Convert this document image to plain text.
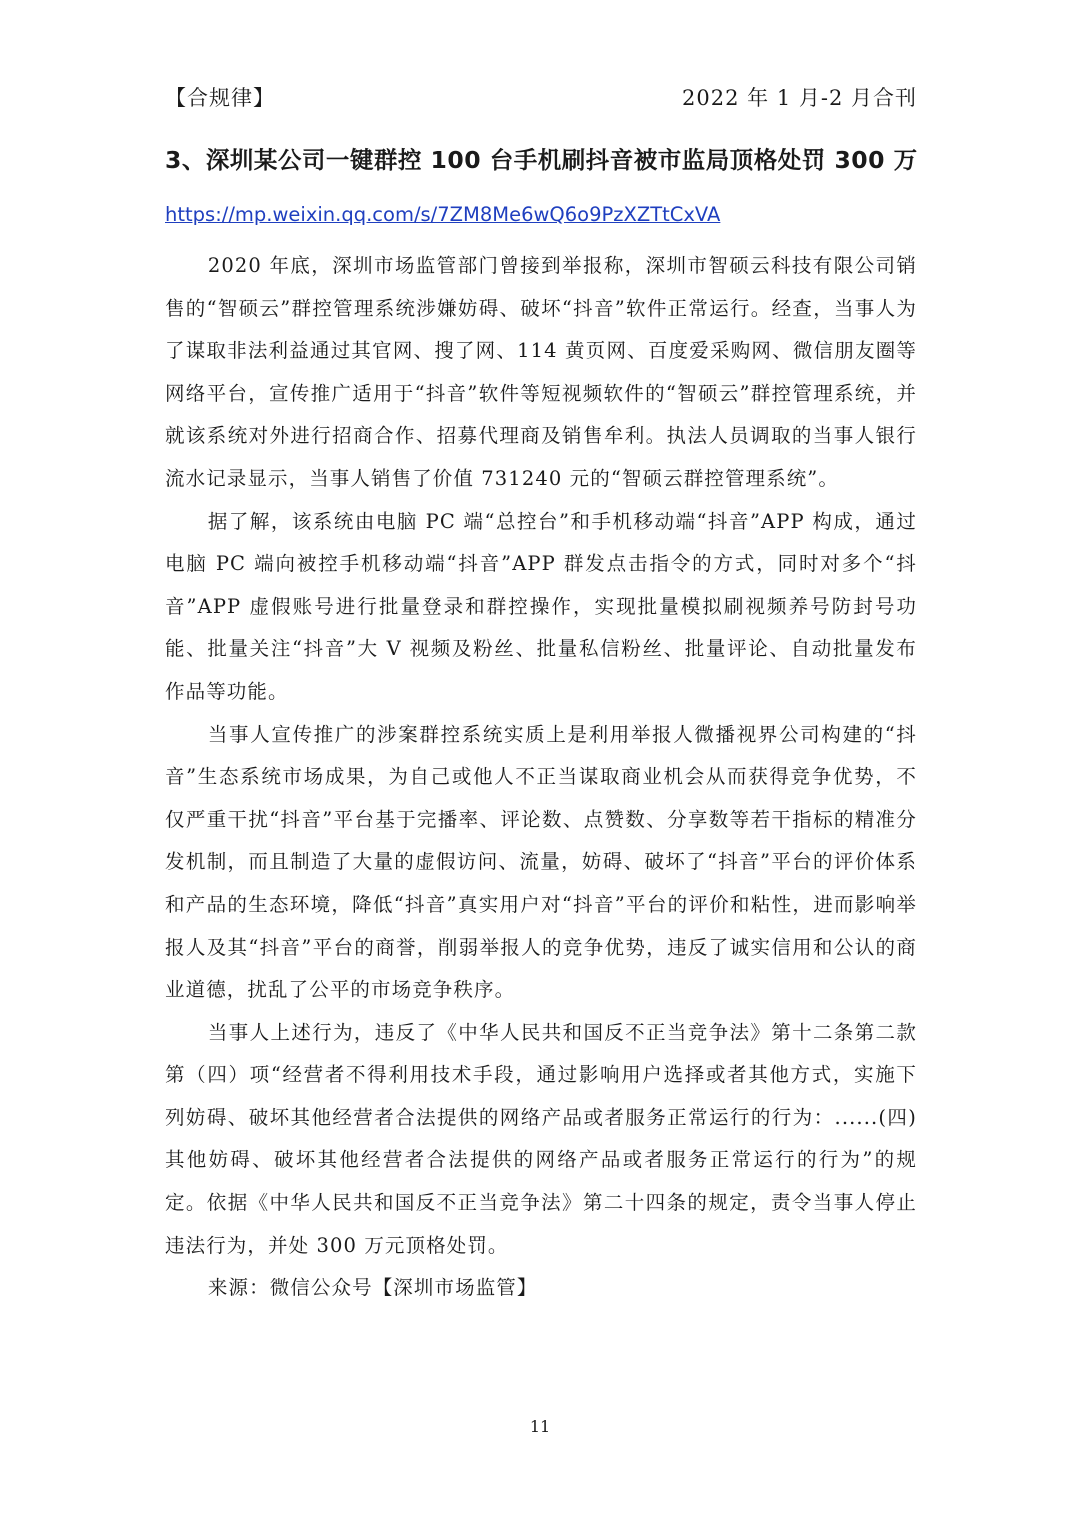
【合规律】	2022 年 1 月-2 月合刊
3、深圳某公司一键群控 100 台手机刷抖音被市监局顶格处罚 300 万
https://mp.weixin.qq.com/s/7ZM8Me6wQ6o9PzXZTtCxVA

2020 年底，深圳市场监管部门曾接到举报称，深圳市智硕云科技有限公司销售的“智硕云”群控管理系统涉嫌妨碍、破坏“抖音”软件正常运行。经查，当事人为了谋取非法利益通过其官网、搜了网、114 黄页网、百度爱采购网、微信朋友圈等网络平台，宣传推广适用于“抖音”软件等短视频软件的“智硕云”群控管理系统，并就该系统对外进行招商合作、招募代理商及销售牟利。执法人员调取的当事人银行流水记录显示，当事人销售了价值 731240 元的“智硕云群控管理系统”。

据了解，该系统由电脑 PC 端“总控台”和手机移动端“抖音”APP 构成，通过电脑 PC 端向被控手机移动端“抖音”APP 群发点击指令的方式，同时对多个“抖音”APP 虚假账号进行批量登录和群控操作，实现批量模拟刷视频养号防封号功能、批量关注“抖音”大 V 视频及粉丝、批量私信粉丝、批量评论、自动批量发布作品等功能。

当事人宣传推广的涉案群控系统实质上是利用举报人微播视界公司构建的“抖音”生态系统市场成果，为自己或他人不正当谋取商业机会从而获得竞争优势，不仅严重干扰“抖音”平台基于完播率、评论数、点赞数、分享数等若干指标的精准分发机制，而且制造了大量的虚假访问、流量，妨碍、破坏了“抖音”平台的评价体系和产品的生态环境，降低“抖音”真实用户对“抖音”平台的评价和粘性，进而影响举报人及其“抖音”平台的商誉，削弱举报人的竞争优势，违反了诚实信用和公认的商业道德，扰乱了公平的市场竞争秩序。

当事人上述行为，违反了《中华人民共和国反不正当竞争法》第十二条第二款第（四）项“经营者不得利用技术手段，通过影响用户选择或者其他方式，实施下列妨碍、破坏其他经营者合法提供的网络产品或者服务正常运行的行为：......(四)其他妨碍、破坏其他经营者合法提供的网络产品或者服务正常运行的行为”的规定。依据《中华人民共和国反不正当竞争法》第二十四条的规定，责令当事人停止违法行为，并处 300 万元顶格处罚。

来源：微信公众号【深圳市场监管】

11
